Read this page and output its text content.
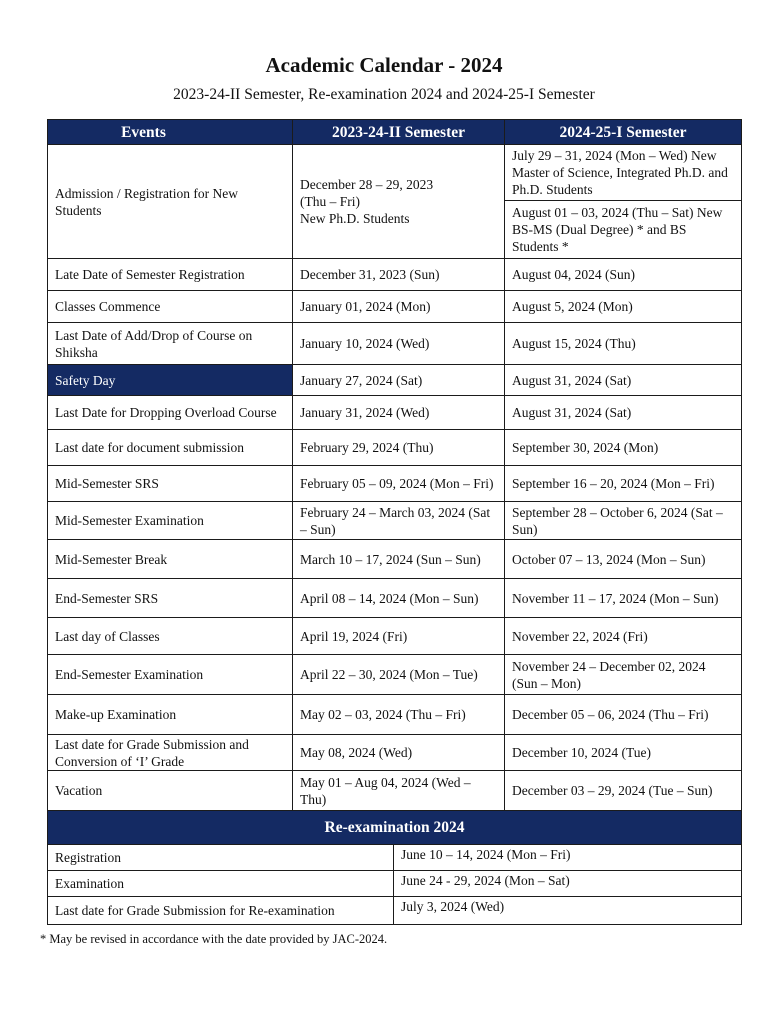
Academic Calendar - 2024
2023-24-II Semester, Re-examination 2024 and 2024-25-I Semester
Events	2023-24-II Semester	2024-25-I Semester
Admission / Registration for New Students	December 28 – 29, 2023
(Thu – Fri)
New Ph.D. Students	July 29 – 31, 2024 (Mon – Wed) New Master of Science, Integrated Ph.D. and Ph.D. Students
		August 01 – 03, 2024 (Thu – Sat) New BS-MS (Dual Degree) * and BS Students *
Late Date of Semester Registration	December 31, 2023 (Sun)	August 04, 2024 (Sun)
Classes Commence	January 01, 2024 (Mon)	August 5, 2024 (Mon)
Last Date of Add/Drop of Course on Shiksha	January 10, 2024 (Wed)	August 15, 2024 (Thu)
Safety Day	January 27, 2024 (Sat)	August 31, 2024 (Sat)
Last Date for Dropping Overload Course	January 31, 2024 (Wed)	August 31, 2024 (Sat)
Last date for document submission	February 29, 2024 (Thu)	September 30, 2024 (Mon)
Mid-Semester SRS	February 05 – 09, 2024 (Mon – Fri)	September 16 – 20, 2024 (Mon – Fri)
Mid-Semester Examination	February 24 – March 03, 2024 (Sat – Sun)	September 28 – October 6, 2024 (Sat – Sun)
Mid-Semester Break	March 10 – 17, 2024 (Sun – Sun)	October 07 – 13, 2024 (Mon – Sun)
End-Semester SRS	April 08 – 14, 2024 (Mon – Sun)	November 11 – 17, 2024 (Mon – Sun)
Last day of Classes	April 19, 2024 (Fri)	November 22, 2024 (Fri)
End-Semester Examination	April 22 – 30, 2024 (Mon – Tue)	November 24 – December 02, 2024 (Sun – Mon)
Make-up Examination	May 02 – 03, 2024 (Thu – Fri)	December 05 – 06, 2024 (Thu – Fri)
Last date for Grade Submission and Conversion of ‘I’ Grade	May 08, 2024 (Wed)	December 10, 2024 (Tue)
Vacation	May 01 – Aug 04, 2024 (Wed – Thu)	December 03 – 29, 2024 (Tue – Sun)
Re-examination 2024	
Registration	June 10 – 14, 2024 (Mon – Fri)
Examination	June 24 - 29, 2024 (Mon – Sat)
Last date for Grade Submission for Re-examination	July 3, 2024 (Wed)
* May be revised in accordance with the date provided by JAC-2024.
